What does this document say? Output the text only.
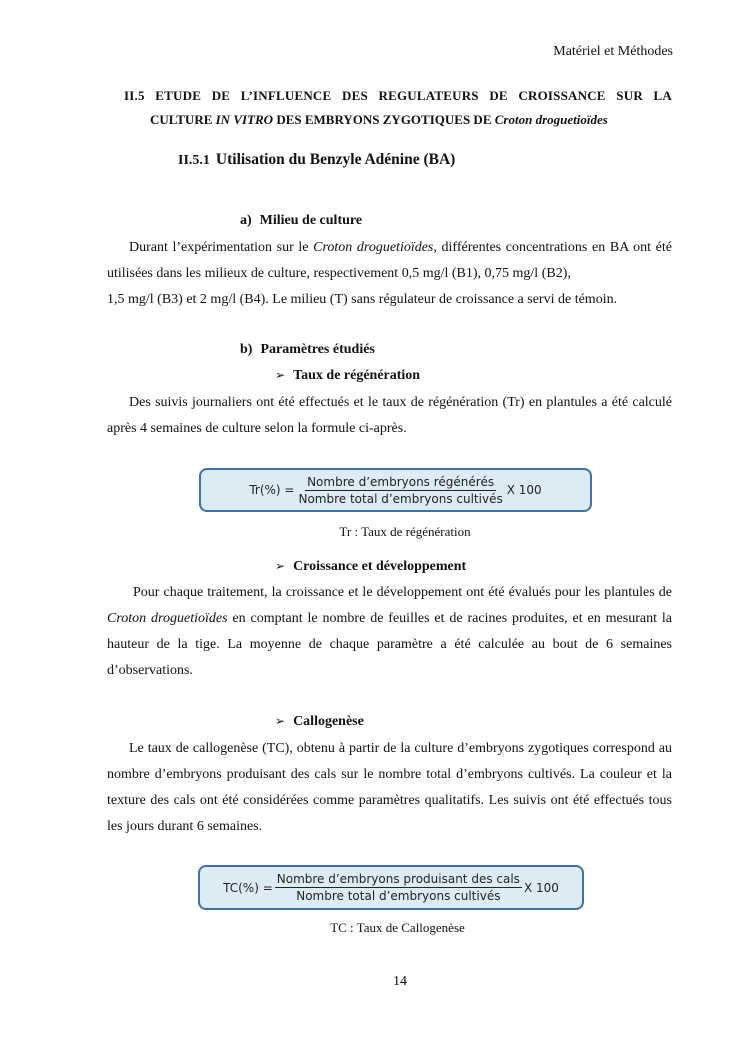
Matériel et Méthodes
II.5 ETUDE DE L’INFLUENCE DES REGULATEURS DE CROISSANCE SUR LA
CULTURE IN VITRO DES EMBRYONS ZYGOTIQUES DE Croton droguetioïdes
II.5.1 Utilisation du Benzyle Adénine (BA)
a) Milieu de culture
Durant l’expérimentation sur le Croton droguetioïdes, différentes concentrations en BA ont été utilisées dans les milieux de culture, respectivement 0,5 mg/l (B1), 0,75 mg/l (B2),
1,5 mg/l (B3) et 2 mg/l (B4). Le milieu (T) sans régulateur de croissance a servi de témoin.
b) Paramètres étudiés
➢ Taux de régénération
Des suivis journaliers ont été effectués et le taux de régénération (Tr) en plantules a été calculé après 4 semaines de culture selon la formule ci-après.
$Tr(\%) = \frac{\text{Nombre d’embryons régénérés}}{\text{Nombre total d’embryons cultivés}}$ X 100
Tr : Taux de régénération
➢ Croissance et développement
Pour chaque traitement, la croissance et le développement ont été évalués pour les plantules de Croton droguetioïdes en comptant le nombre de feuilles et de racines produites, et en mesurant la hauteur de la tige. La moyenne de chaque paramètre a été calculée au bout de 6 semaines d’observations.
➢ Callogenèse
Le taux de callogenèse (TC), obtenu à partir de la culture d’embryons zygotiques correspond au nombre d’embryons produisant des cals sur le nombre total d’embryons cultivés. La couleur et la texture des cals ont été considérées comme paramètres qualitatifs. Les suivis ont été effectués tous les jours durant 6 semaines.
$TC(\%) = \frac{\text{Nombre d’embryons produisant des cals}}{\text{Nombre total d’embryons cultivés}}$ X 100
TC : Taux de Callogenèse
14
